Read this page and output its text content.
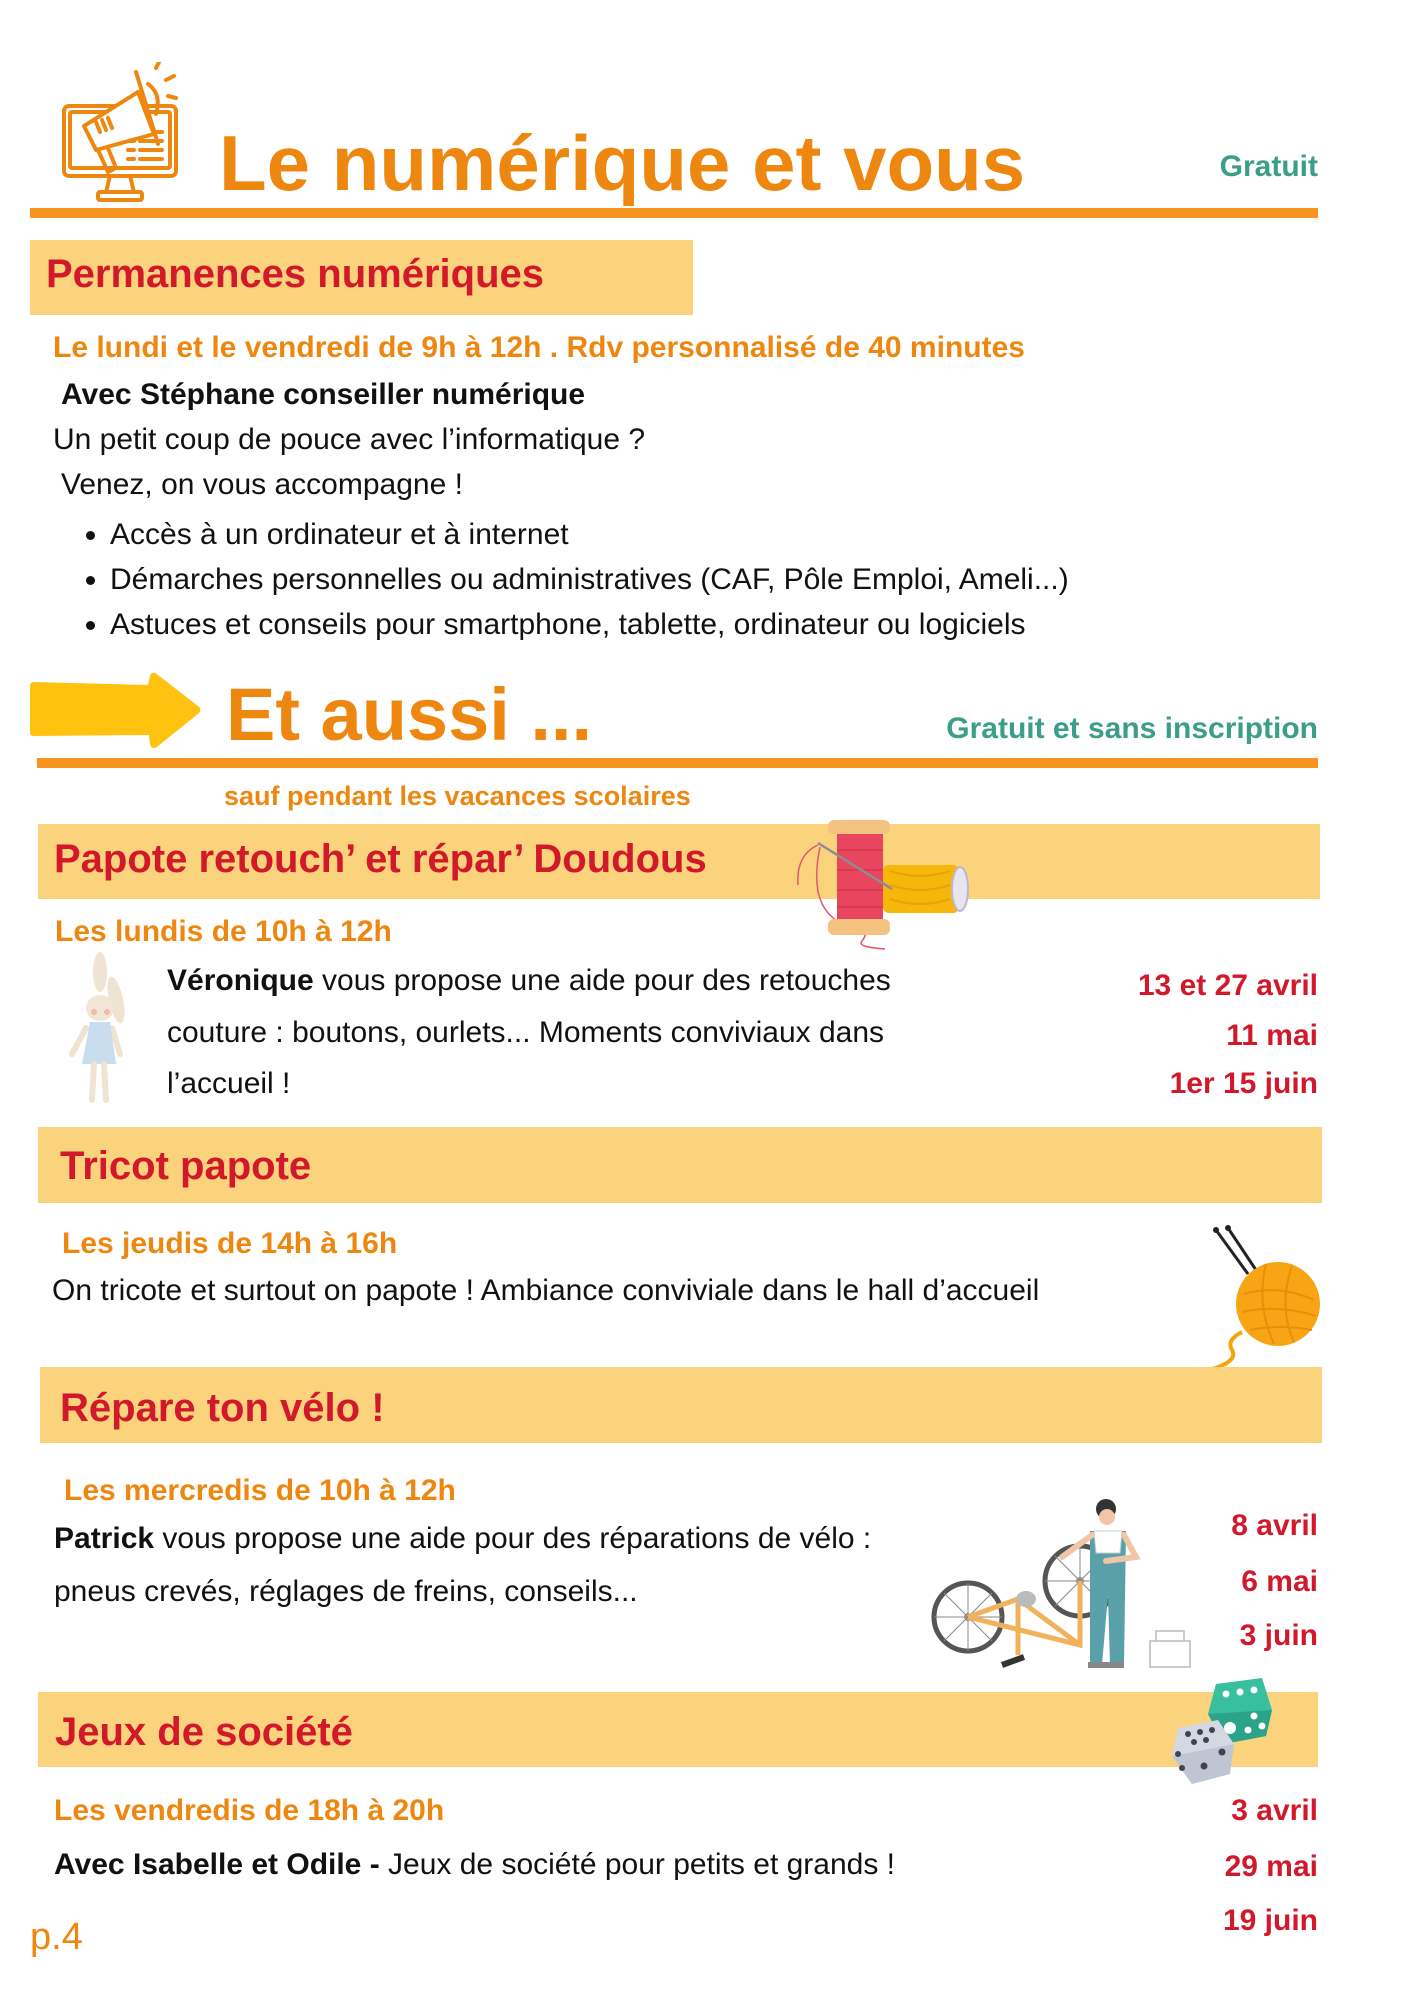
Le numérique et vous	Gratuit
Permanences numériques
Le lundi et le vendredi de 9h à 12h . Rdv personnalisé de 40 minutes
Avec Stéphane conseiller numérique
Un petit coup de pouce avec l’informatique ?
Venez, on vous accompagne !
• Accès à un ordinateur et à internet
• Démarches personnelles ou administratives (CAF, Pôle Emploi, Ameli...)
• Astuces et conseils pour smartphone, tablette, ordinateur ou logiciels
Et aussi ...	Gratuit et sans inscription
sauf pendant les vacances scolaires
Papote retouch’ et répar’ Doudous
Les lundis de 10h à 12h
Véronique vous propose une aide pour des retouches
couture : boutons, ourlets... Moments conviviaux dans
l’accueil !
13 et 27 avril
11 mai
1er 15 juin
Tricot papote
Les jeudis de 14h à 16h
On tricote et surtout on papote ! Ambiance conviviale dans le hall d’accueil
Répare ton vélo !
Les mercredis de 10h à 12h
Patrick vous propose une aide pour des réparations de vélo :
pneus crevés, réglages de freins, conseils...
8 avril
6 mai
3 juin
Jeux de société
Les vendredis de 18h à 20h
Avec Isabelle et Odile - Jeux de société pour petits et grands !
3 avril
29 mai
19 juin
p.4
